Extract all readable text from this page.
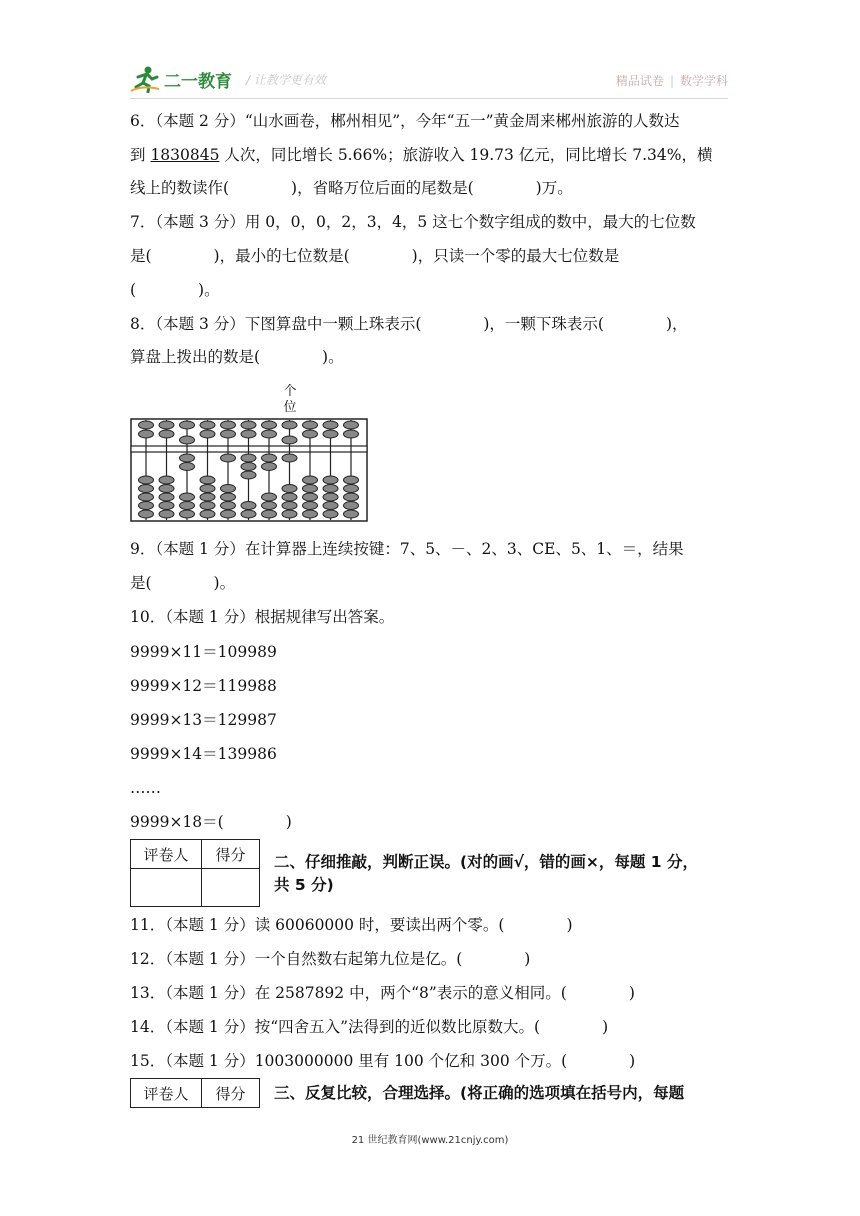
二一教育 / 让教学更有效	精品试卷 | 数学学科
6．（本题 2 分）“山水画卷，郴州相见”，今年“五一”黄金周来郴州旅游的人数达
到 1830845 人次，同比增长 5.66%；旅游收入 19.73 亿元，同比增长 7.34%，横
线上的数读作(　　　　)，省略万位后面的尾数是(　　　　)万。
7．（本题 3 分）用 0，0，0，2，3，4，5 这七个数字组成的数中，最大的七位数
是(　　　　)，最小的七位数是(　　　　)，只读一个零的最大七位数是
(　　　　)。
8．（本题 3 分）下图算盘中一颗上珠表示(　　　　)，一颗下珠表示(　　　　)，
算盘上拨出的数是(　　　　)。
个
位
9．（本题 1 分）在计算器上连续按键：7、5、－、2、3、CE、5、1、＝，结果
是(　　　　)。
10．（本题 1 分）根据规律写出答案。
9999×11＝109989
9999×12＝119988
9999×13＝129987
9999×14＝139986
……
9999×18＝(　　　　)
评卷人	得分
	二、仔细推敲，判断正误。(对的画√，错的画×，每题 1 分，
共 5 分)
11．（本题 1 分）读 60060000 时，要读出两个零。(　　　　)
12．（本题 1 分）一个自然数右起第九位是亿。(　　　　)
13．（本题 1 分）在 2587892 中，两个“8”表示的意义相同。(　　　　)
14．（本题 1 分）按“四舍五入”法得到的近似数比原数大。(　　　　)
15．（本题 1 分）1003000000 里有 100 个亿和 300 个万。(　　　　)
评卷人	得分 三、反复比较，合理选择。(将正确的选项填在括号内，每题
21 世纪教育网(www.21cnjy.com)
